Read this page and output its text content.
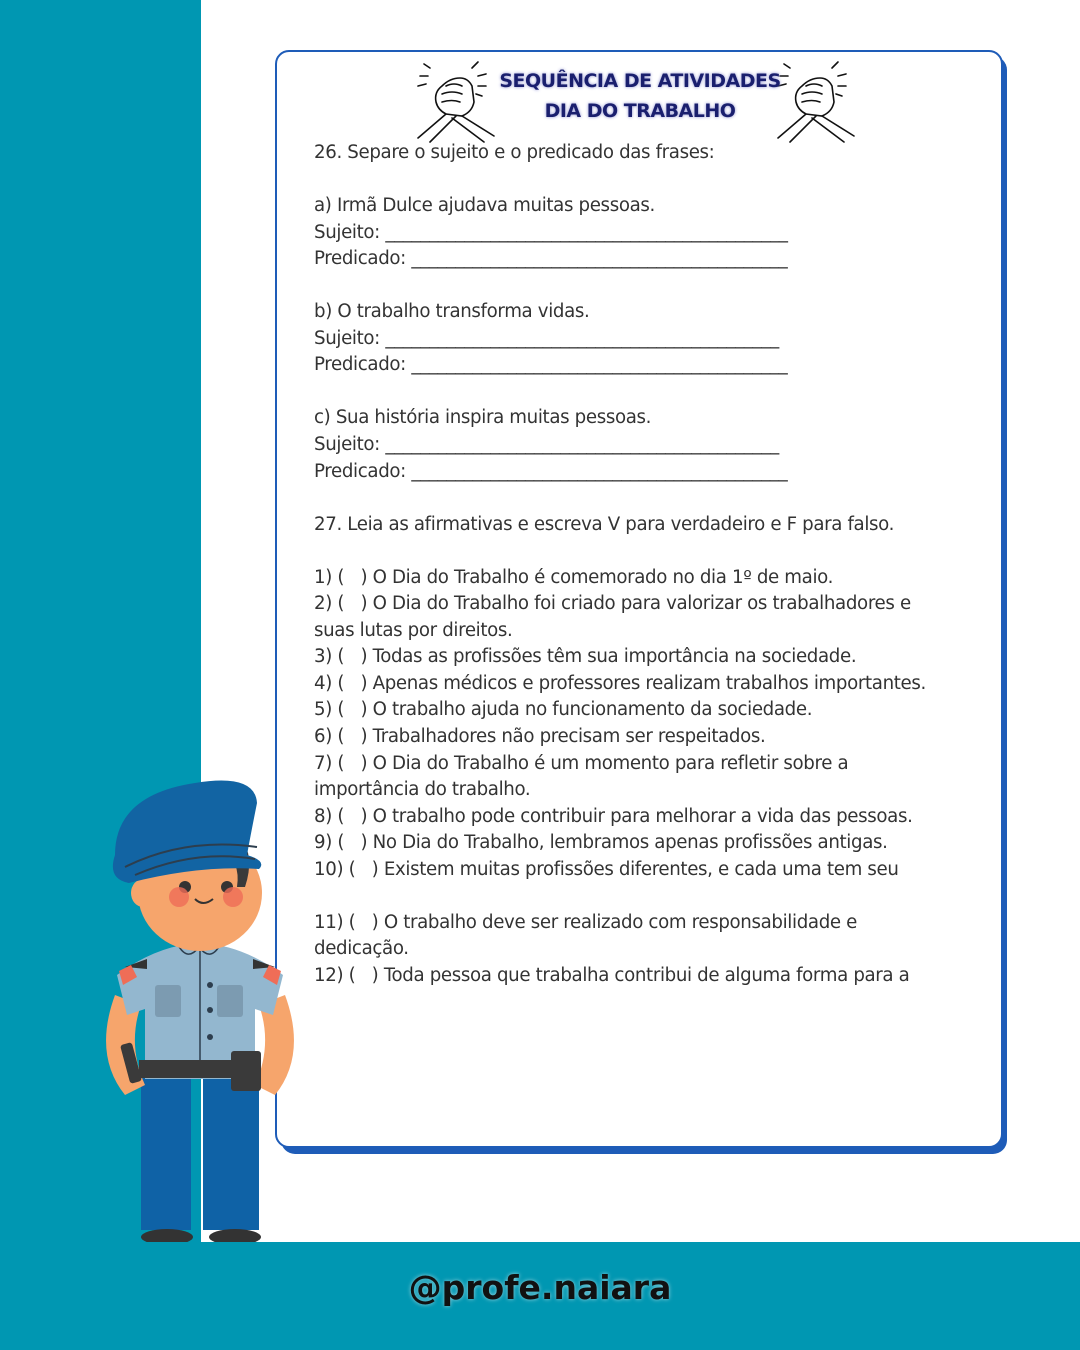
SEQUÊNCIA DE ATIVIDADES
DIA DO TRABALHO
26. Separe o sujeito e o predicado das frases:
a) Irmã Dulce ajudava muitas pessoas.
Sujeito: ______________________________________________
Predicado: ___________________________________________
b) O trabalho transforma vidas.
Sujeito: _____________________________________________
Predicado: ___________________________________________
c) Sua história inspira muitas pessoas.
Sujeito: _____________________________________________
Predicado: ___________________________________________
27. Leia as afirmativas e escreva V para verdadeiro e F para falso.
1) (   ) O Dia do Trabalho é comemorado no dia 1º de maio.
2) (   ) O Dia do Trabalho foi criado para valorizar os trabalhadores e
suas lutas por direitos.
3) (   ) Todas as profissões têm sua importância na sociedade.
4) (   ) Apenas médicos e professores realizam trabalhos importantes.
5) (   ) O trabalho ajuda no funcionamento da sociedade.
6) (   ) Trabalhadores não precisam ser respeitados.
7) (   ) O Dia do Trabalho é um momento para refletir sobre a
importância do trabalho.
8) (   ) O trabalho pode contribuir para melhorar a vida das pessoas.
9) (   ) No Dia do Trabalho, lembramos apenas profissões antigas.
10) (   ) Existem muitas profissões diferentes, e cada uma tem seu
11) (   ) O trabalho deve ser realizado com responsabilidade e
dedicação.
12) (   ) Toda pessoa que trabalha contribui de alguma forma para a
@profe.naiara
